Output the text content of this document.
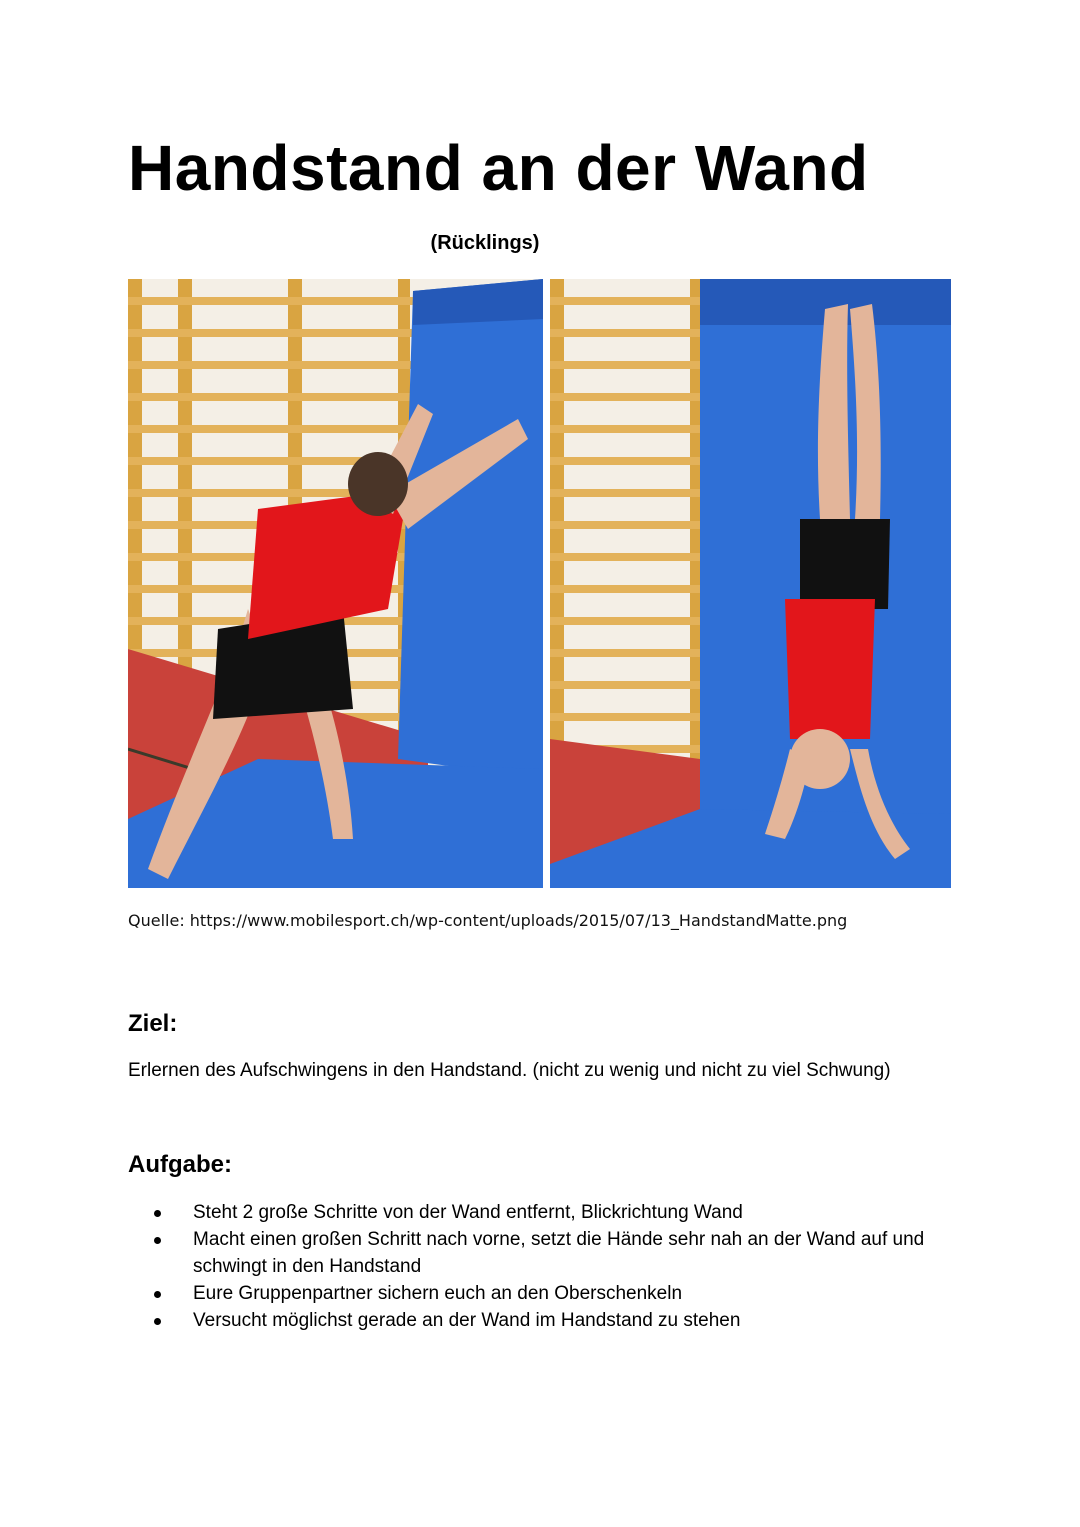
Handstand an der Wand
(Rücklings)
Quelle: https://www.mobilesport.ch/wp-content/uploads/2015/07/13_HandstandMatte.png
Ziel:
Erlernen des Aufschwingens in den Handstand. (nicht zu wenig und nicht zu viel Schwung)
Aufgabe:
Steht 2 große Schritte von der Wand entfernt, Blickrichtung Wand
Macht einen großen Schritt nach vorne, setzt die Hände sehr nah an der Wand auf und schwingt in den Handstand
Eure Gruppenpartner sichern euch an den Oberschenkeln
Versucht möglichst gerade an der Wand im Handstand zu stehen
